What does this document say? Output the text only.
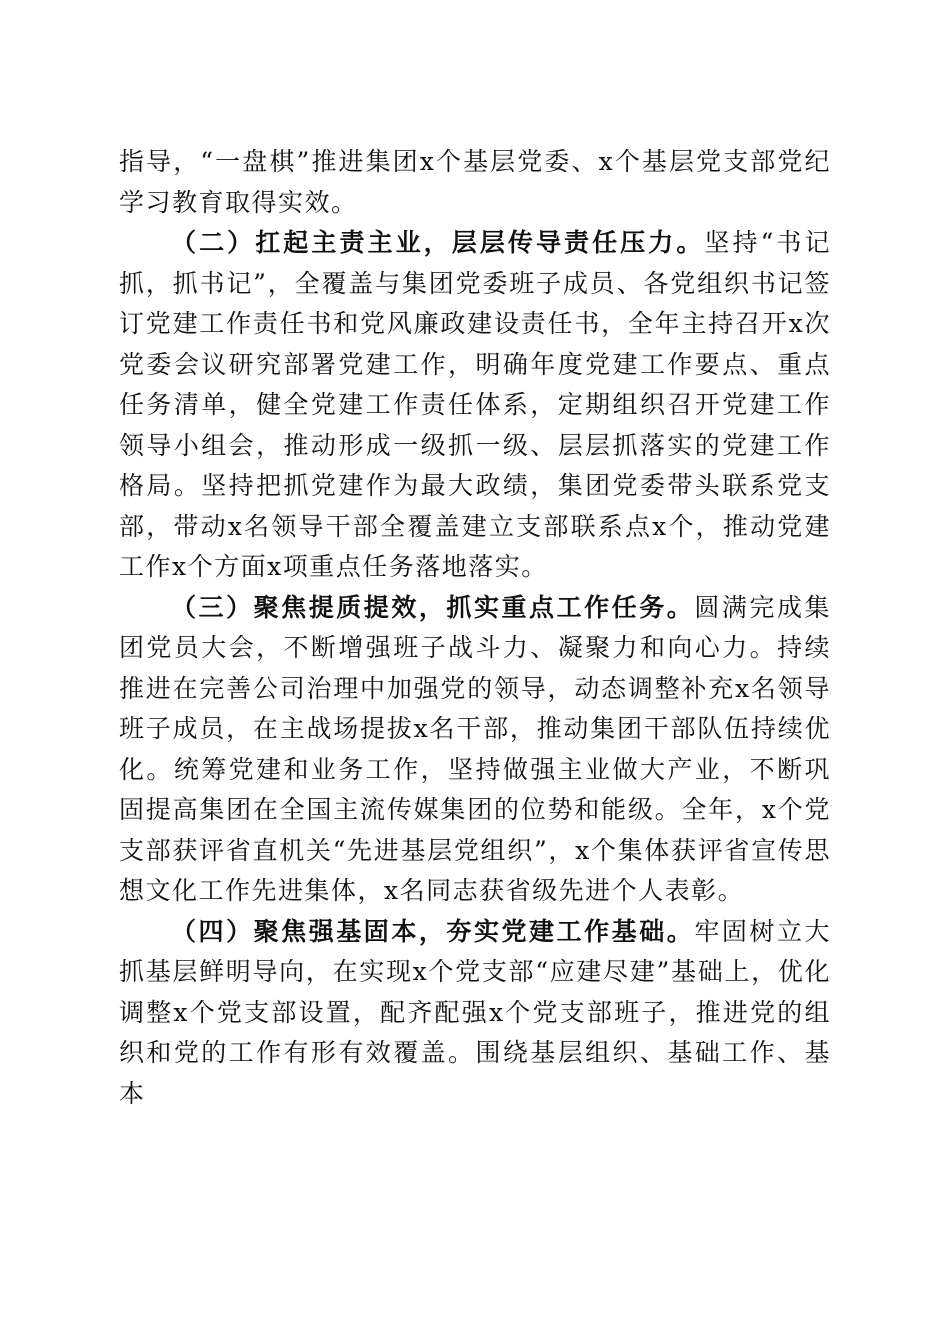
指导，“一盘棋”推进集团x个基层党委、x个基层党支部党纪学习教育取得实效。

（二）扛起主责主业，层层传导责任压力。坚持“书记抓，抓书记”，全覆盖与集团党委班子成员、各党组织书记签订党建工作责任书和党风廉政建设责任书，全年主持召开x次党委会议研究部署党建工作，明确年度党建工作要点、重点任务清单，健全党建工作责任体系，定期组织召开党建工作领导小组会，推动形成一级抓一级、层层抓落实的党建工作格局。坚持把抓党建作为最大政绩，集团党委带头联系党支部，带动x名领导干部全覆盖建立支部联系点x个，推动党建工作x个方面x项重点任务落地落实。

（三）聚焦提质提效，抓实重点工作任务。圆满完成集团党员大会，不断增强班子战斗力、凝聚力和向心力。持续推进在完善公司治理中加强党的领导，动态调整补充x名领导班子成员，在主战场提拔x名干部，推动集团干部队伍持续优化。统筹党建和业务工作，坚持做强主业做大产业，不断巩固提高集团在全国主流传媒集团的位势和能级。全年，x个党支部获评省直机关“先进基层党组织”，x个集体获评省宣传思想文化工作先进集体，x名同志获省级先进个人表彰。

（四）聚焦强基固本，夯实党建工作基础。牢固树立大抓基层鲜明导向，在实现x个党支部“应建尽建”基础上，优化调整x个党支部设置，配齐配强x个党支部班子，推进党的组织和党的工作有形有效覆盖。围绕基层组织、基础工作、基本
